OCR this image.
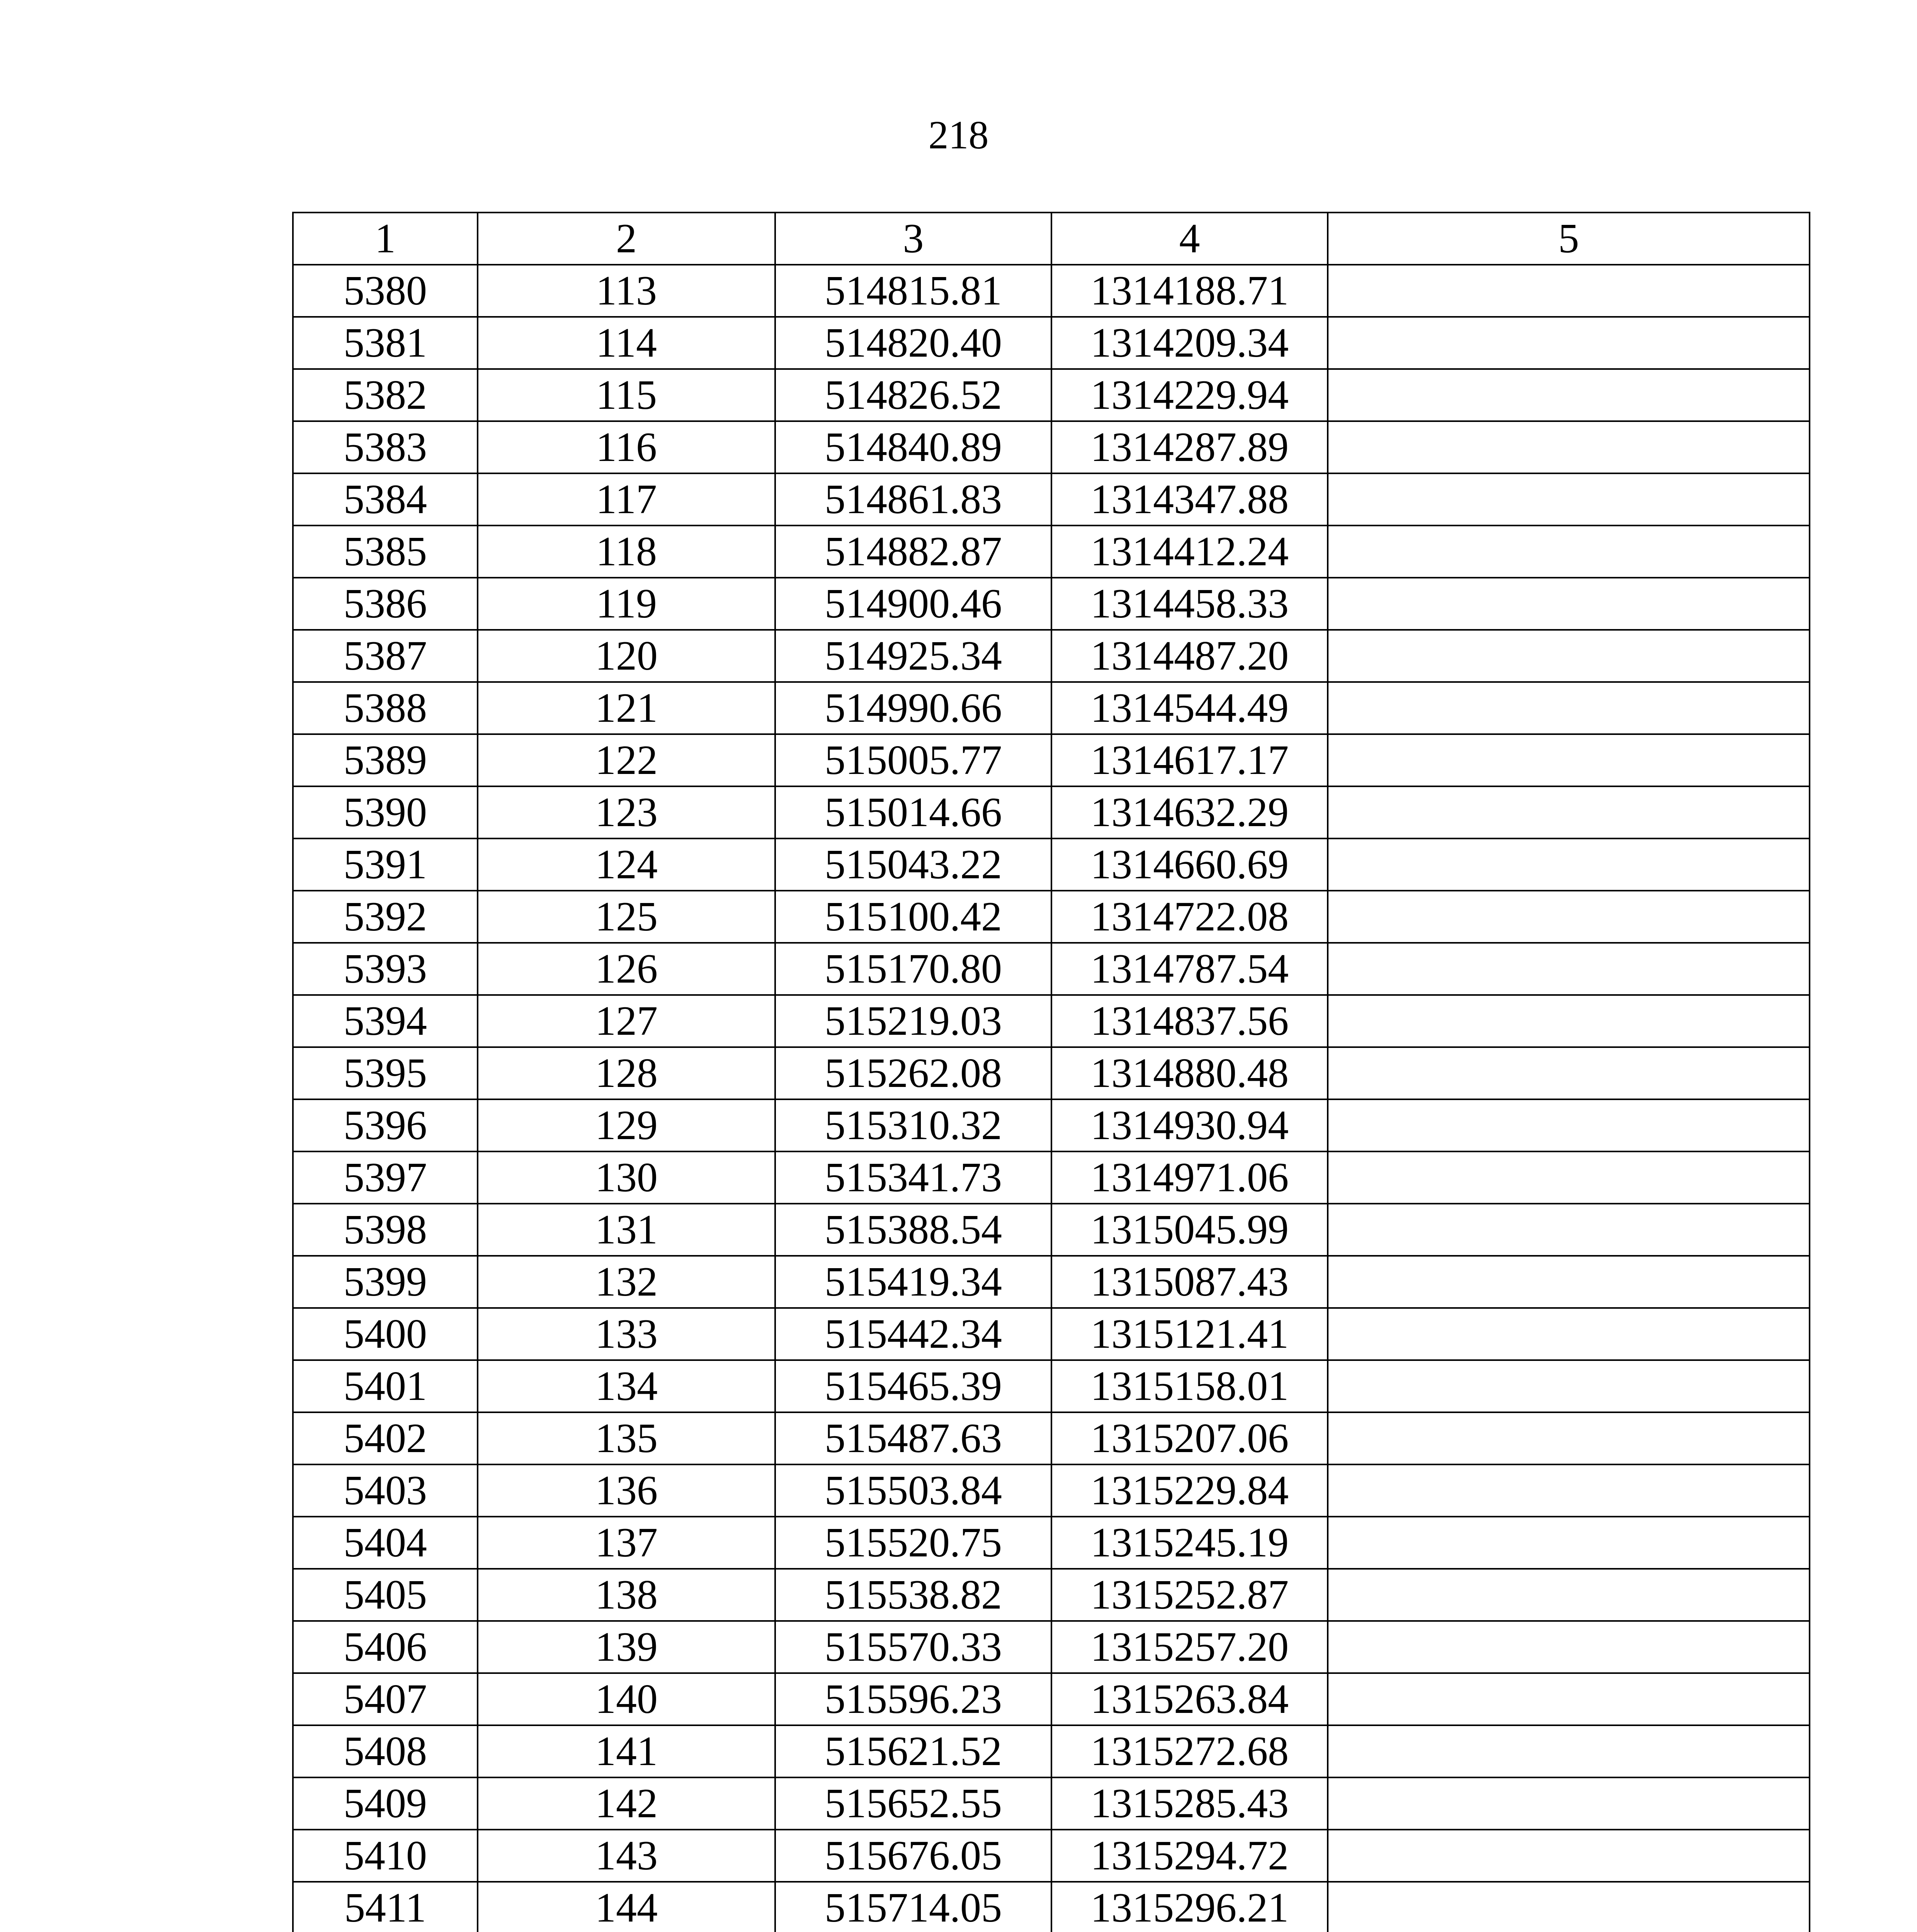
218
1	2	3	4	5
5380	113	514815.81	1314188.71	
5381	114	514820.40	1314209.34	
5382	115	514826.52	1314229.94	
5383	116	514840.89	1314287.89	
5384	117	514861.83	1314347.88	
5385	118	514882.87	1314412.24	
5386	119	514900.46	1314458.33	
5387	120	514925.34	1314487.20	
5388	121	514990.66	1314544.49	
5389	122	515005.77	1314617.17	
5390	123	515014.66	1314632.29	
5391	124	515043.22	1314660.69	
5392	125	515100.42	1314722.08	
5393	126	515170.80	1314787.54	
5394	127	515219.03	1314837.56	
5395	128	515262.08	1314880.48	
5396	129	515310.32	1314930.94	
5397	130	515341.73	1314971.06	
5398	131	515388.54	1315045.99	
5399	132	515419.34	1315087.43	
5400	133	515442.34	1315121.41	
5401	134	515465.39	1315158.01	
5402	135	515487.63	1315207.06	
5403	136	515503.84	1315229.84	
5404	137	515520.75	1315245.19	
5405	138	515538.82	1315252.87	
5406	139	515570.33	1315257.20	
5407	140	515596.23	1315263.84	
5408	141	515621.52	1315272.68	
5409	142	515652.55	1315285.43	
5410	143	515676.05	1315294.72	
5411	144	515714.05	1315296.21	
